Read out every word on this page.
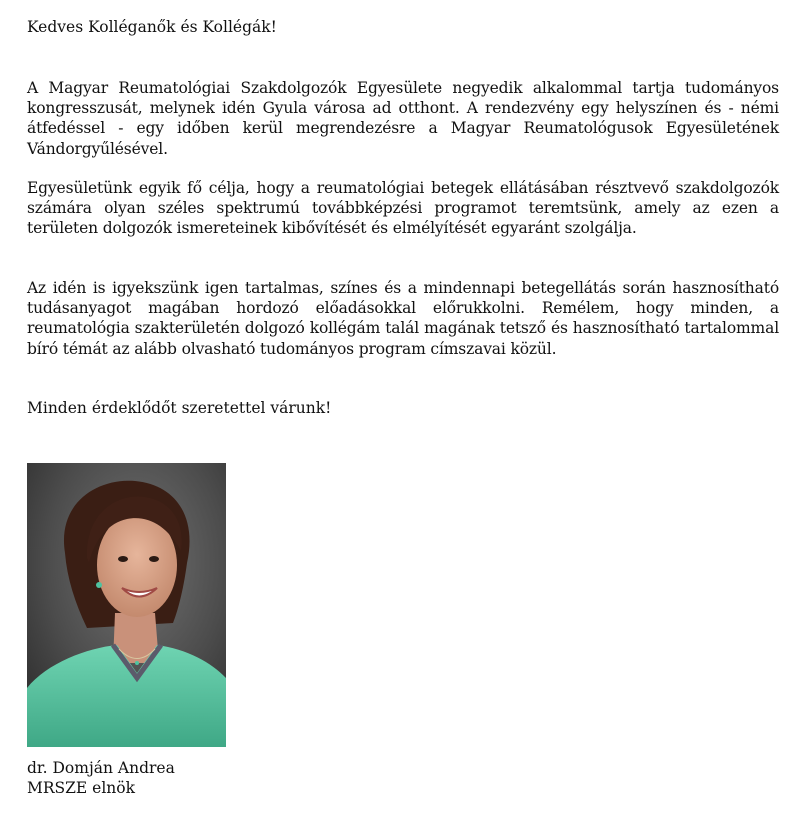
Kedves Kolléganők és Kollégák!

A Magyar Reumatológiai Szakdolgozók Egyesülete negyedik alkalommal tartja tudományos kongresszusát, melynek idén Gyula városa ad otthont. A rendezvény egy helyszínen és - némi átfedéssel - egy időben kerül megrendezésre a Magyar Reumatológusok Egyesületének Vándorgyűlésével.

Egyesületünk egyik fő célja, hogy a reumatológiai betegek ellátásában résztvevő szakdolgozók számára olyan széles spektrumú továbbképzési programot teremtsünk, amely az ezen a területen dolgozók ismereteinek kibővítését és elmélyítését egyaránt szolgálja.

Az idén is igyekszünk igen tartalmas, színes és a mindennapi betegellátás során hasznosítható tudásanyagot magában hordozó előadásokkal előrukkolni. Remélem, hogy minden, a reumatológia szakterületén dolgozó kollégám talál magának tetsző és hasznosítható tartalommal bíró témát az alább olvasható tudományos program címszavai közül.

Minden érdeklődőt szeretettel várunk!

dr. Domján Andrea
MRSZE elnök
